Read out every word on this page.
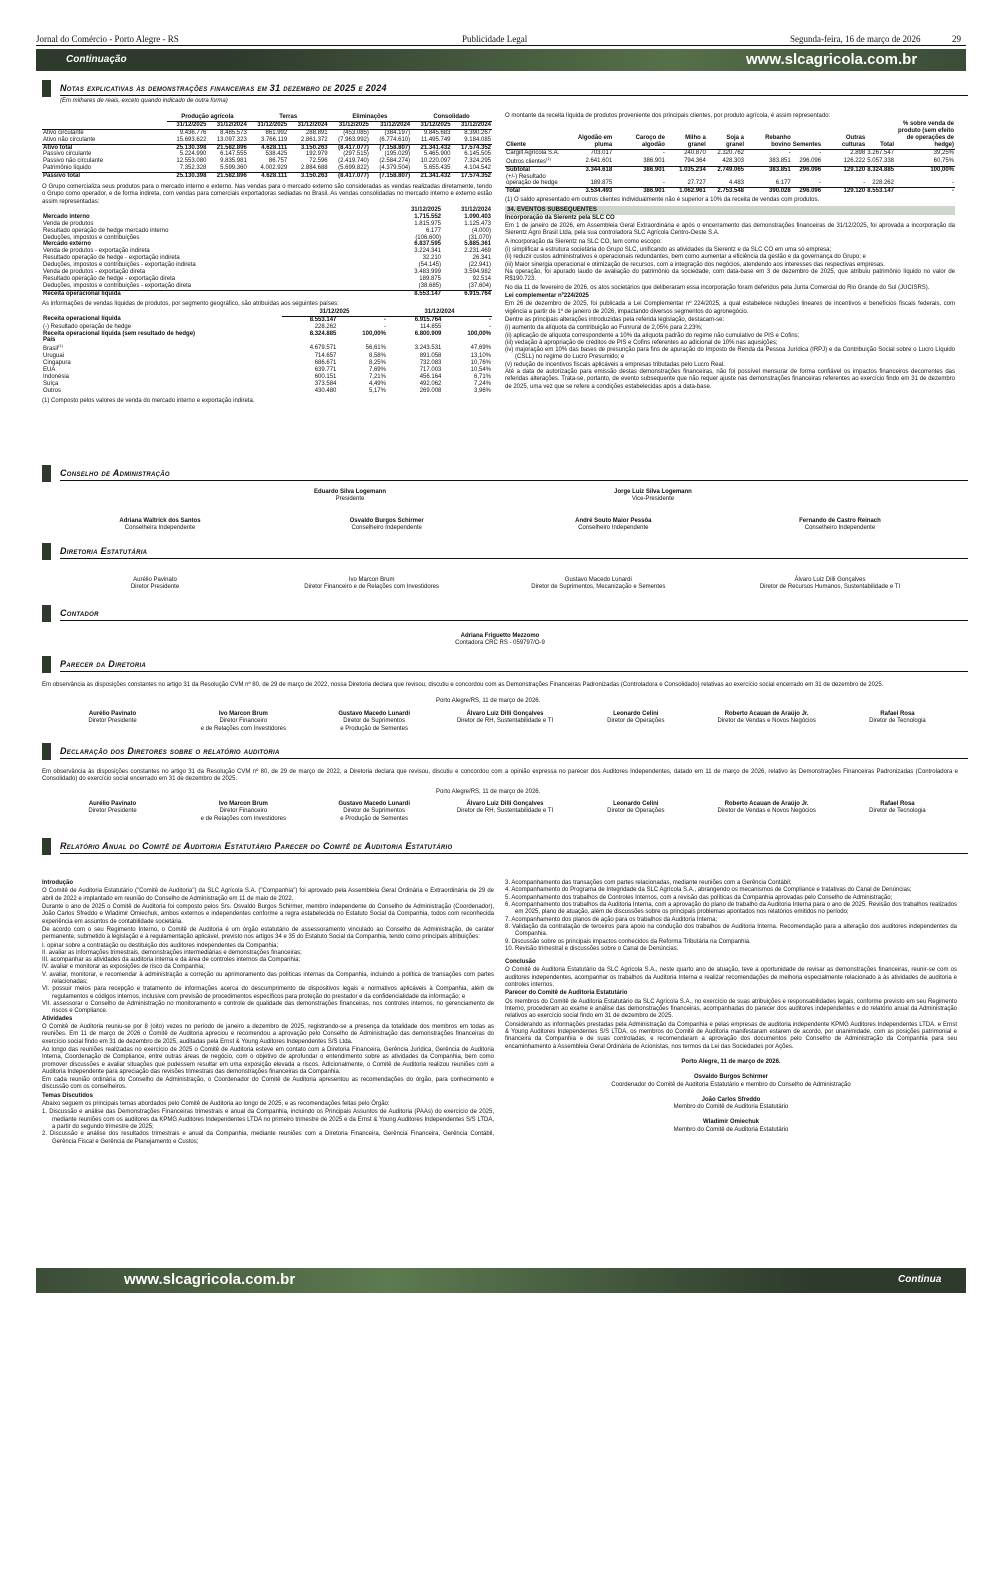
Jornal do Comércio - Porto Alegre - RS	Publicidade Legal	Segunda-feira, 16 de março de 2026	29
Continuação	www.slcagricola.com.br
Notas explicativas às demonstrações financeiras em 31 dezembro de 2025 e 2024
(Em milhares de reais, exceto quando indicado de outra forma)
	Produção agrícola		Terras		Eliminações		Consolidado	
	31/12/2025	31/12/2024	31/12/2025	31/12/2024	31/12/2025	31/12/2024	31/12/2025	31/12/2024
Ativo circulante	9.436.776	8.485.573	861.992	288.891	(453.085)	(384.197)	9.845.683	8.390.267
Ativo não circulante	15.693.622	13.097.323	3.766.119	2.861.372	(7.963.992)	(6.774.610)	11.495.749	9.184.085
Ativo total	25.130.398	21.582.896	4.628.111	3.150.263	(8.417.077)	(7.158.807)	21.341.432	17.574.352
Passivo circulante	5.224.990	6.147.555	538.425	192.979	(297.515)	(195.029)	5.465.900	6.145.505
Passivo não circulante	12.553.080	9.835.981	86.757	72.596	(2.419.740)	(2.584.274)	10.220.097	7.324.295
Patrimônio líquido	7.352.328	5.599.360	4.002.929	2.884.688	(5.699.822)	(4.379.504)	5.655.435	4.104.542
Passivo total	25.130.398	21.582.896	4.628.111	3.150.263	(8.417.077)	(7.158.807)	21.341.432	17.574.352

O Grupo comercializa seus produtos para o mercado interno e externo. Nas vendas para o mercado externo são consideradas as vendas realizadas diretamente, tendo o Grupo como operador, e de forma indireta, com vendas para comerciais exportadoras sediadas no Brasil. As vendas consolidadas no mercado interno e externo estão assim representadas:

	31/12/2025	31/12/2024
Mercado interno	1.715.552	1.090.403
Venda de produtos	1.815.975	1.125.473
Resultado operação de hedge mercado interno	6.177	(4.000)
Deduções, impostos e contribuições	(106.600)	(31.070)
Mercado externo	6.837.595	5.885.361
Venda de produtos - exportação indireta	3.224.341	2.231.469
Resultado operação de hedge - exportação indireta	32.210	26.341
Deduções, impostos e contribuições - exportação indireta	(54.145)	(22.941)
Venda de produtos - exportação direta	3.483.999	3.594.982
Resultado operação de hedge - exportação direta	189.875	92.514
Deduções, impostos e contribuições - exportação direta	(38.685)	(37.604)
Receita operacional líquida	8.553.147	6.915.764

As informações de vendas líquidas de produtos, por segmento geográfico, são atribuídas aos seguintes países:

	31/12/2025		31/12/2024	
Receita operacional líquida	8.553.147	-	6.915.764	-
(-) Resultado operação de hedge	228.262	-	114.855	-
Receita operacional líquida (sem resultado de hedge)	8.324.885	100,00%	6.800.909	100,00%
País				
Brasil$^{(1)}$	4.679.571	56,61%	3.243.531	47,69%
Uruguai	714.657	8,58%	891.058	13,10%
Cingapura	686.671	8,25%	732.083	10,76%
EUA	639.771	7,69%	717.003	10,54%
Indonésia	600.151	7,21%	456.164	6,71%
Suíça	373.584	4,49%	492.062	7,24%
Outros	430.480	5,17%	269.008	3,96%

(1) Composto pelos valores de venda do mercado interno e exportação indireta.

O montante da receita líquida de produtos proveniente dos principais clientes, por produto agrícola, é assim representado:

Cliente	Algodão em pluma	Caroço de algodão	Milho a granel	Soja a granel	Rebanho bovino	Sementes	Outras culturas	Total	% sobre venda de produto (sem efeito de operações de hedge)
Cargill Agrícola S.A.	703.017	-	240.870	2.320.762	-	-	2.898	3.267.547	39,25%
Outros clientes$^{(1)}$	2.641.601	386.901	794.364	428.303	383.851	296.096	126.222	5.057.338	60,75%
Subtotal	3.344.618	386.901	1.035.234	2.749.065	383.851	296.096	129.120	8.324.885	100,00%
(+/-) Resultado									
operação de hedge	189.875	-	27.727	4.483	6.177	-	-	228.262	-
Total	3.534.493	386.901	1.062.961	2.753.548	390.028	296.096	129.120	8.553.147	-

(1) O saldo apresentado em outros clientes individualmente não é superior a 10% da receita de vendas com produtos.

34. EVENTOS SUBSEQUENTES

Incorporação da Sierentz pela SLC CO

Em 1 de janeiro de 2026, em Assembleia Geral Extraordinária e após o encerramento das demonstrações financeiras de 31/12/2025, foi aprovada a incorporação da Sierentz Agro Brasil Ltda, pela sua controladora SLC Agrícola Centro-Oeste S.A.

A incorporação da Sierentz na SLC CO, tem como escopo:

(i) simplificar a estrutura societária do Grupo SLC, unificando as atividades da Sierentz e da SLC CO em uma só empresa;
(ii) reduzir custos administrativos e operacionais redundantes, bem como aumentar a eficiência da gestão e da governança do Grupo; e
(iii) Maior sinergia operacional e otimização de recursos, com a integração dos negócios, atendendo aos interesses das respectivas empresas.

Na operação, foi apurado laudo de avaliação do patrimônio da sociedade, com data-base em 3 de dezembro de 2025, que atribuiu patrimônio líquido no valor de R$190.723.

No dia 11 de fevereiro de 2026, os atos societários que deliberaram essa incorporação foram deferidos pela Junta Comercial do Rio Grande do Sul (JUCISRS).

Lei complementar nº224/2025

Em 26 de dezembro de 2025, foi publicada a Lei Complementar nº 224/2025, a qual estabelece reduções lineares de incentivos e benefícios fiscais federais, com vigência a partir de 1º de janeiro de 2026, impactando diversos segmentos do agronegócio.

Dentre as principais alterações introduzidas pela referida legislação, destacam-se:

(i) aumento da alíquota da contribuição ao Funrural de 2,05% para 2,23%;
(ii) aplicação de alíquota correspondente a 10% da alíquota padrão do regime não cumulativo de PIS e Cofins;
(iii) vedação à apropriação de créditos de PIS e Cofins referentes ao adicional de 10% nas aquisições;
(iv) majoração em 10% das bases de presunção para fins de apuração do Imposto de Renda da Pessoa Jurídica (IRPJ) e da Contribuição Social sobre o Lucro Líquido (CSLL) no regime do Lucro Presumido; e
(v) redução de incentivos fiscais aplicáveis a empresas tributadas pelo Lucro Real.

Até a data de autorização para emissão destas demonstrações financeiras, não foi possível mensurar de forma confiável os impactos financeiros decorrentes das referidas alterações. Trata-se, portanto, de evento subsequente que não requer ajuste nas demonstrações financeiras referentes ao exercício findo em 31 de dezembro de 2025, uma vez que se refere a condições estabelecidas após a data-base.

Conselho de Administração
Eduardo Silva Logemann
Presidente
Jorge Luiz Silva Logemann
Vice-Presidente
Adriana Waltrick dos Santos
Conselheira Independente
Osvaldo Burgos Schirmer
Conselheiro Independente
André Souto Maior Pessôa
Conselheiro Independente
Fernando de Castro Reinach
Conselheiro Independente
Diretoria Estatutária
Aurélio Pavinato
Diretor Presidente
Ivo Marcon Brum
Diretor Financeiro e de Relações com Investidores
Gustavo Macedo Lunardi
Diretor de Suprimentos, Mecanização e Sementes
Álvaro Luiz Dilli Gonçalves
Diretor de Recursos Humanos, Sustentabilidade e TI
Contador
Adriana Friguetto Mezzomo
Contadora CRC RS - 059797/O-9
Parecer da Diretoria

Em observância às disposições constantes no artigo 31 da Resolução CVM nº 80, de 29 de março de 2022, nossa Diretoria declara que revisou, discutiu e concordou com as Demonstrações Financeiras Padronizadas (Controladora e Consolidado) relativas ao exercício social encerrado em 31 de dezembro de 2025.

Porto Alegre/RS, 11 de março de 2026.
Aurélio Pavinato
Diretor Presidente
Ivo Marcon Brum
Diretor Financeiro
e de Relações com Investidores
Gustavo Macedo Lunardi
Diretor de Suprimentos
e Produção de Sementes
Álvaro Luiz Dilli Gonçalves
Diretor de RH, Sustentabilidade e TI
Leonardo Celini
Diretor de Operações
Roberto Acauan de Araújo Jr.
Diretor de Vendas e Novos Negócios
Rafael Rosa
Diretor de Tecnologia
Declaração dos Diretores sobre o relatório auditoria

Em observância às disposições constantes no artigo 31 da Resolução CVM nº 80, de 29 de março de 2022, a Diretoria declara que revisou, discutiu e concordou com a opinião expressa no parecer dos Auditores Independentes, datado em 11 de março de 2026, relativo às Demonstrações Financeiras Padronizadas (Controladora e Consolidado) do exercício social encerrado em 31 de dezembro de 2025.

Porto Alegre/RS, 11 de março de 2026.
Aurélio Pavinato
Diretor Presidente
Ivo Marcon Brum
Diretor Financeiro
e de Relações com Investidores
Gustavo Macedo Lunardi
Diretor de Suprimentos
e Produção de Sementes
Álvaro Luiz Dilli Gonçalves
Diretor de RH, Sustentabilidade e TI
Leonardo Celini
Diretor de Operações
Roberto Acauan de Araújo Jr.
Diretor de Vendas e Novos Negócios
Rafael Rosa
Diretor de Tecnologia
Relatório Anual do Comitê de Auditoria Estatutário Parecer do Comitê de Auditoria Estatutário

Introdução

O Comitê de Auditoria Estatutário ("Comitê de Auditoria") da SLC Agrícola S.A. ("Companhia") foi aprovado pela Assembleia Geral Ordinária e Extraordinária de 29 de abril de 2022 e implantado em reunião do Conselho de Administração em 11 de maio de 2022.

Durante o ano de 2025 o Comitê de Auditoria foi composto pelos Srs. Osvaldo Burgos Schirmer, membro independente do Conselho de Administração (Coordenador), João Carlos Sfreddo e Wladimir Omiechuk, ambos externos e independentes conforme a regra estabelecida no Estatuto Social da Companhia, todos com reconhecida experiência em assuntos de contabilidade societária.

De acordo com o seu Regimento Interno, o Comitê de Auditoria é um órgão estatutário de assessoramento vinculado ao Conselho de Administração, de caráter permanente, submetido à legislação e à regulamentação aplicável, previsto nos artigos 34 e 35 do Estatuto Social da Companhia, tendo como principais atribuições:

I. opinar sobre a contratação ou destituição dos auditores independentes da Companhia;
II. avaliar as informações trimestrais, demonstrações intermediárias e demonstrações financeiras;
III. acompanhar as atividades da auditoria interna e da área de controles internos da Companhia;
IV. avaliar e monitorar as exposições de risco da Companhia;
V. avaliar, monitorar, e recomendar à administração a correção ou aprimoramento das políticas internas da Companhia, incluindo a política de transações com partes relacionadas;
VI. possuir meios para recepção e tratamento de informações acerca do descumprimento de dispositivos legais e normativos aplicáveis à Companhia, além de regulamentos e códigos internos, inclusive com previsão de procedimentos específicos para proteção do prestador e da confidencialidade da informação; e
VII. assessorar o Conselho de Administração no monitoramento e controle de qualidade das demonstrações financeiras, nos controles internos, no gerenciamento de riscos e Compliance.

Atividades

O Comitê de Auditoria reuniu-se por 8 (oito) vezes no período de janeiro a dezembro de 2025, registrando-se a presença da totalidade dos membros em todas as reuniões. Em 11 de março de 2026 o Comitê de Auditoria apreciou e recomendou a aprovação pelo Conselho de Administração das demonstrações financeiras do exercício social findo em 31 de dezembro de 2025, auditadas pela Ernst & Young Auditores Independentes S/S Ltda.

Ao longo das reuniões realizadas no exercício de 2025 o Comitê de Auditoria esteve em contato com a Diretoria Financeira, Gerência Jurídica, Gerência de Auditoria Interna, Coordenação de Compliance, entre outras áreas de negócio, com o objetivo de aprofundar o entendimento sobre as atividades da Companhia, bem como promover discussões e avaliar situações que pudessem resultar em uma exposição elevada a riscos. Adicionalmente, o Comitê de Auditoria realizou reuniões com a Auditoria Independente para apreciação das revisões trimestrais das demonstrações financeiras da Companhia.

Em cada reunião ordinária do Conselho de Administração, o Coordenador do Comitê de Auditoria apresentou as recomendações do órgão, para conhecimento e discussão com os conselheiros.

Temas Discutidos

Abaixo seguem os principais temas abordados pelo Comitê de Auditoria ao longo de 2025, e as recomendações feitas pelo Órgão:

1. Discussão e análise das Demonstrações Financeiras trimestrais e anual da Companhia, incluindo os Principais Assuntos de Auditoria (PAAs) do exercício de 2025, mediante reuniões com os auditores da KPMG Auditores Independentes LTDA no primeiro trimestre de 2025 e da Ernst & Young Auditores Independentes S/S LTDA, a partir do segundo trimestre de 2025;
2. Discussão e análise dos resultados trimestrais e anual da Companhia, mediante reuniões com a Diretoria Financeira, Gerência Financeira, Gerência Contábil, Gerência Fiscal e Gerência de Planejamento e Custos;
3. Acompanhamento das transações com partes relacionadas, mediante reuniões com a Gerência Contábil;
4. Acompanhamento do Programa de Integridade da SLC Agrícola S.A., abrangendo os mecanismos de Compliance e tratativas do Canal de Denúncias;
5. Acompanhamento dos trabalhos de Controles Internos, com a revisão das políticas da Companhia aprovadas pelo Conselho de Administração;
6. Acompanhamento dos trabalhos da Auditoria Interna, com a aprovação do plano de trabalho da Auditoria Interna para o ano de 2025. Revisão dos trabalhos realizados em 2025, plano de atuação, além de discussões sobre os principais problemas apontados nos relatórios emitidos no período;
7. Acompanhamento dos planos de ação para os trabalhos da Auditoria Interna;
8. Validação da contratação de terceiros para apoio na condução dos trabalhos de Auditoria Interna. Recomendação para a alteração dos auditores independentes da Companhia.
9. Discussão sobre os principais impactos conhecidos da Reforma Tributária na Companhia.
10. Revisão trimestral e discussões sobre o Canal de Denúncias.

Conclusão

O Comitê de Auditoria Estatutário da SLC Agrícola S.A., neste quarto ano de atuação, teve a oportunidade de revisar as demonstrações financeiras, reunir-se com os auditores independentes, acompanhar os trabalhos da Auditoria Interna e realizar recomendações de melhoria especialmente relacionado à às atividades de auditoria e controles internos.

Parecer do Comitê de Auditoria Estatutário

Os membros do Comitê de Auditoria Estatutário da SLC Agrícola S.A., no exercício de suas atribuições e responsabilidades legais, conforme previsto em seu Regimento Interno, procederam ao exame e análise das demonstrações financeiras, acompanhadas do parecer dos auditores independentes e do relatório anual da Administração relativos ao exercício social findo em 31 de dezembro de 2025.

Considerando as informações prestadas pela Administração da Companhia e pelas empresas de auditoria independente KPMG Auditores Independentes LTDA. e Ernst & Young Auditores Independentes S/S LTDA, os membros do Comitê de Auditoria manifestaram estarem de acordo, por unanimidade, com as posições patrimonial e financeira da Companhia e de suas controladas, e recomendaram a aprovação dos documentos pelo Conselho de Administração da Companhia para seu encaminhamento à Assembleia Geral Ordinária de Acionistas, nos termos da Lei das Sociedades por Ações.

Porto Alegre, 11 de março de 2026.
Osvaldo Burgos Schirmer
Coordenador do Comitê de Auditoria Estatutário e membro do Conselho de Administração
João Carlos Sfreddo
Membro do Comitê de Auditoria Estatutário
Wladimir Omiechuk
Membro do Comitê de Auditoria Estatutário
www.slcagricola.com.br	Continua
